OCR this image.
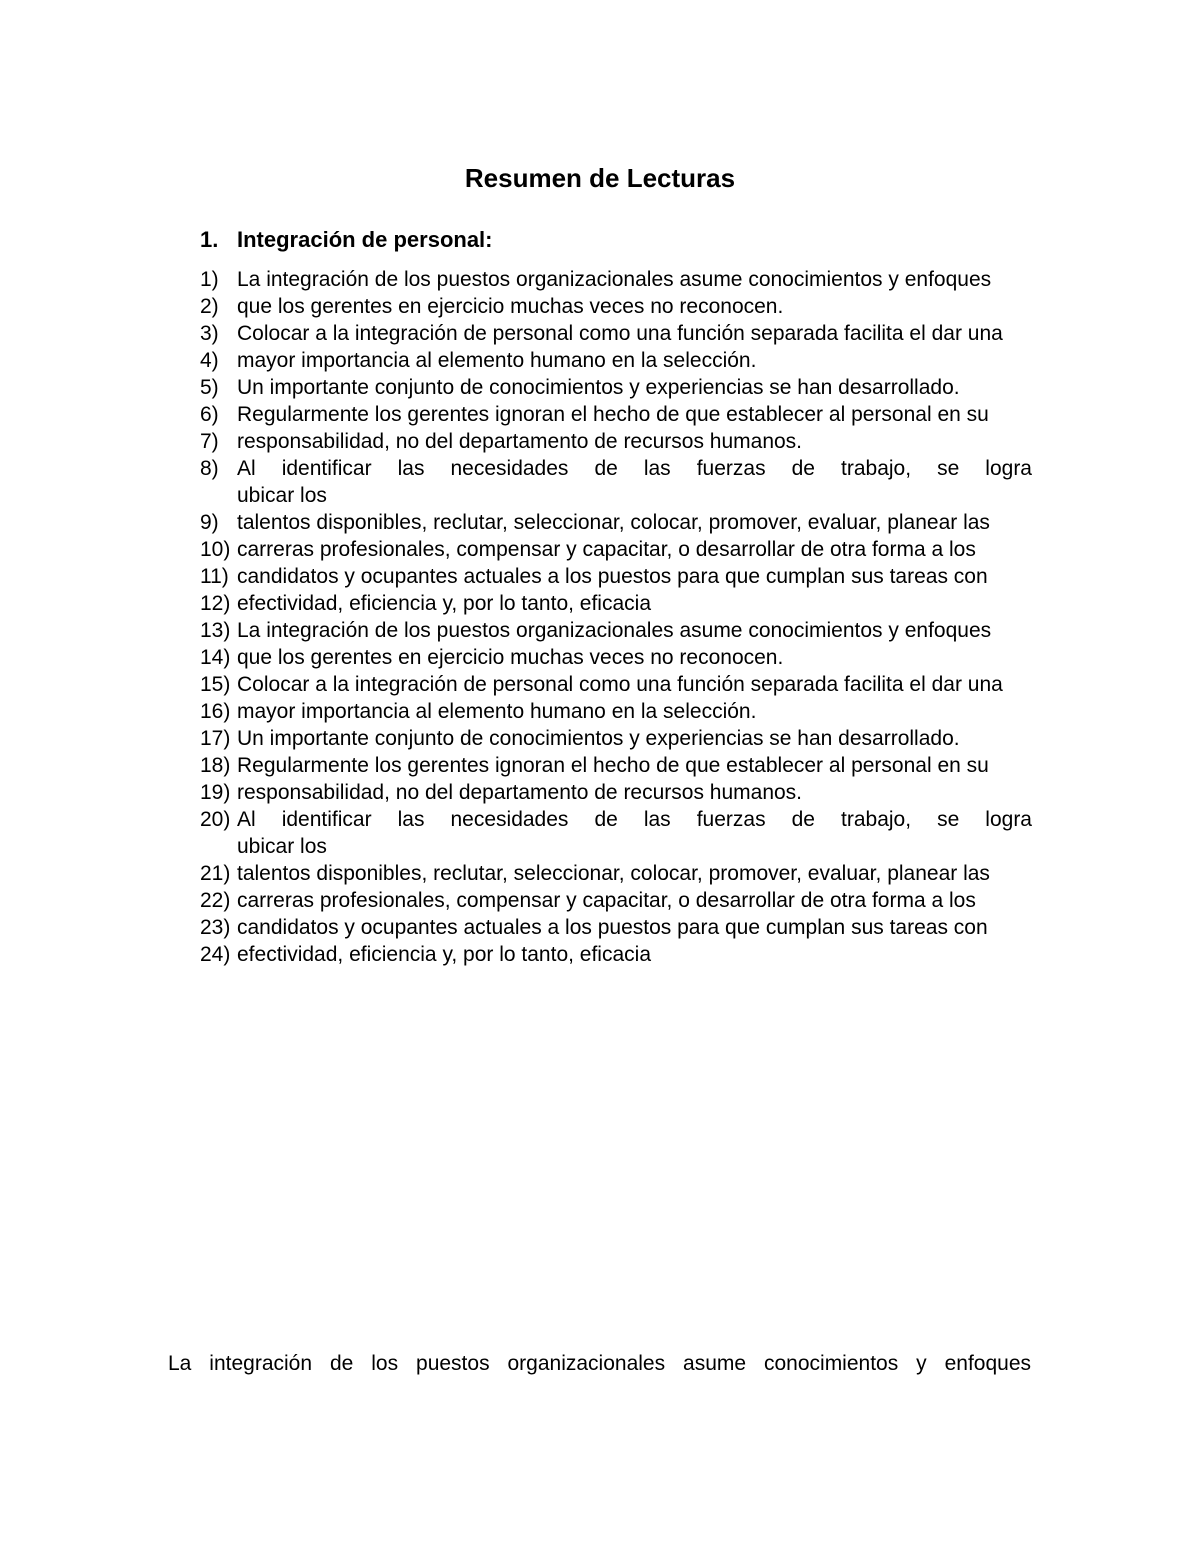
Resumen de Lecturas
1. Integración de personal:
1) La integración de los puestos organizacionales asume conocimientos y enfoques
2) que los gerentes en ejercicio muchas veces no reconocen.
3) Colocar a la integración de personal como una función separada facilita el dar una
4) mayor importancia al elemento humano en la selección.
5) Un importante conjunto de conocimientos y experiencias se han desarrollado.
6) Regularmente los gerentes ignoran el hecho de que establecer al personal en su
7) responsabilidad, no del departamento de recursos humanos.
8) Al identificar las necesidades de las fuerzas de trabajo, se logra
ubicar los
9) talentos disponibles, reclutar, seleccionar, colocar, promover, evaluar, planear las
10) carreras profesionales, compensar y capacitar, o desarrollar de otra forma a los
11) candidatos y ocupantes actuales a los puestos para que cumplan sus tareas con
12) efectividad, eficiencia y, por lo tanto, eficacia
13) La integración de los puestos organizacionales asume conocimientos y enfoques
14) que los gerentes en ejercicio muchas veces no reconocen.
15) Colocar a la integración de personal como una función separada facilita el dar una
16) mayor importancia al elemento humano en la selección.
17) Un importante conjunto de conocimientos y experiencias se han desarrollado.
18) Regularmente los gerentes ignoran el hecho de que establecer al personal en su
19) responsabilidad, no del departamento de recursos humanos.
20) Al identificar las necesidades de las fuerzas de trabajo, se logra
ubicar los
21) talentos disponibles, reclutar, seleccionar, colocar, promover, evaluar, planear las
22) carreras profesionales, compensar y capacitar, o desarrollar de otra forma a los
23) candidatos y ocupantes actuales a los puestos para que cumplan sus tareas con
24) efectividad, eficiencia y, por lo tanto, eficacia
La integración de los puestos organizacionales asume conocimientos y enfoques
